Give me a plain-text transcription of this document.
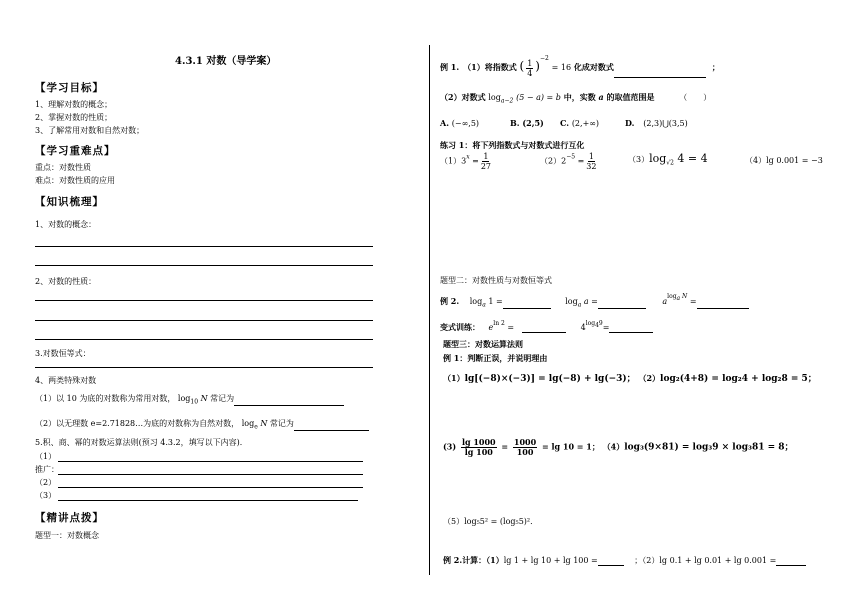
4.3.1 对数（导学案）
【学习目标】
1、理解对数的概念；
2、掌握对数的性质；
3、了解常用对数和自然对数；
【学习重难点】
重点：对数性质
难点：对数性质的应用
【知识梳理】
1、对数的概念：
2、对数的性质：
3.对数恒等式：
4、两类特殊对数
（1）以 10 为底的对数称为常用对数， $\log_{10} N$ 常记为
（2）以无理数 e=2.71828…为底的对数称为自然对数， $\log_e N$ 常记为
5.积、商、幂的对数运算法则(预习 4.3.2，填写以下内容)．
（1）
推广：
（2）
（3）
【精讲点拨】
题型一：对数概念
例 1.　（1）将指数式 ( $\frac{1}{4} )^{-2} = 16$ 化成对数式	；
（2）对数式 $\log_{a-2} (5 - a) = b$ 中，实数 a 的取值范围是	（　　）
A. (−∞,5)	B. (2,5) C. (2,+∞)	D. (2,3)⋃(3,5)
练习 1：将下列指数式与对数式进行互化
$(1)3^x = \frac{1}{27}$	$(2)2^{-5} = \frac{1}{32}$	$(3)\log_{√2}$ 4 = 4	（4）lg 0.001 = −3
题型二：对数性质与对数恒等式
例 2. $\log_a 1$ =	$\log_a a$ =	$a^{log_a N}$ =
变式训练： $e^{ln 2}$ =	$4^{log_49}=$
题型三：对数运算法则
例 1：判断正误，并说明理由
（1）lg[(−8)×(−3)] = lg(−8) + lg(−3)； （2）log₂(4+8) = log₂4 + log₂8 = 5；
$(3) \frac{\lg 1000}{\lg 100} = \frac{1000}{100} = \lg 10 = 1$； （4）log₃(9×81) = log₃9 × log₃81 = 8；
（5）log₅5² = (log₅5)²．
例 2.计算：（1）lg 1 + lg 10 + lg 100 =	；（2）lg 0.1 + lg 0.01 + lg 0.001 =
